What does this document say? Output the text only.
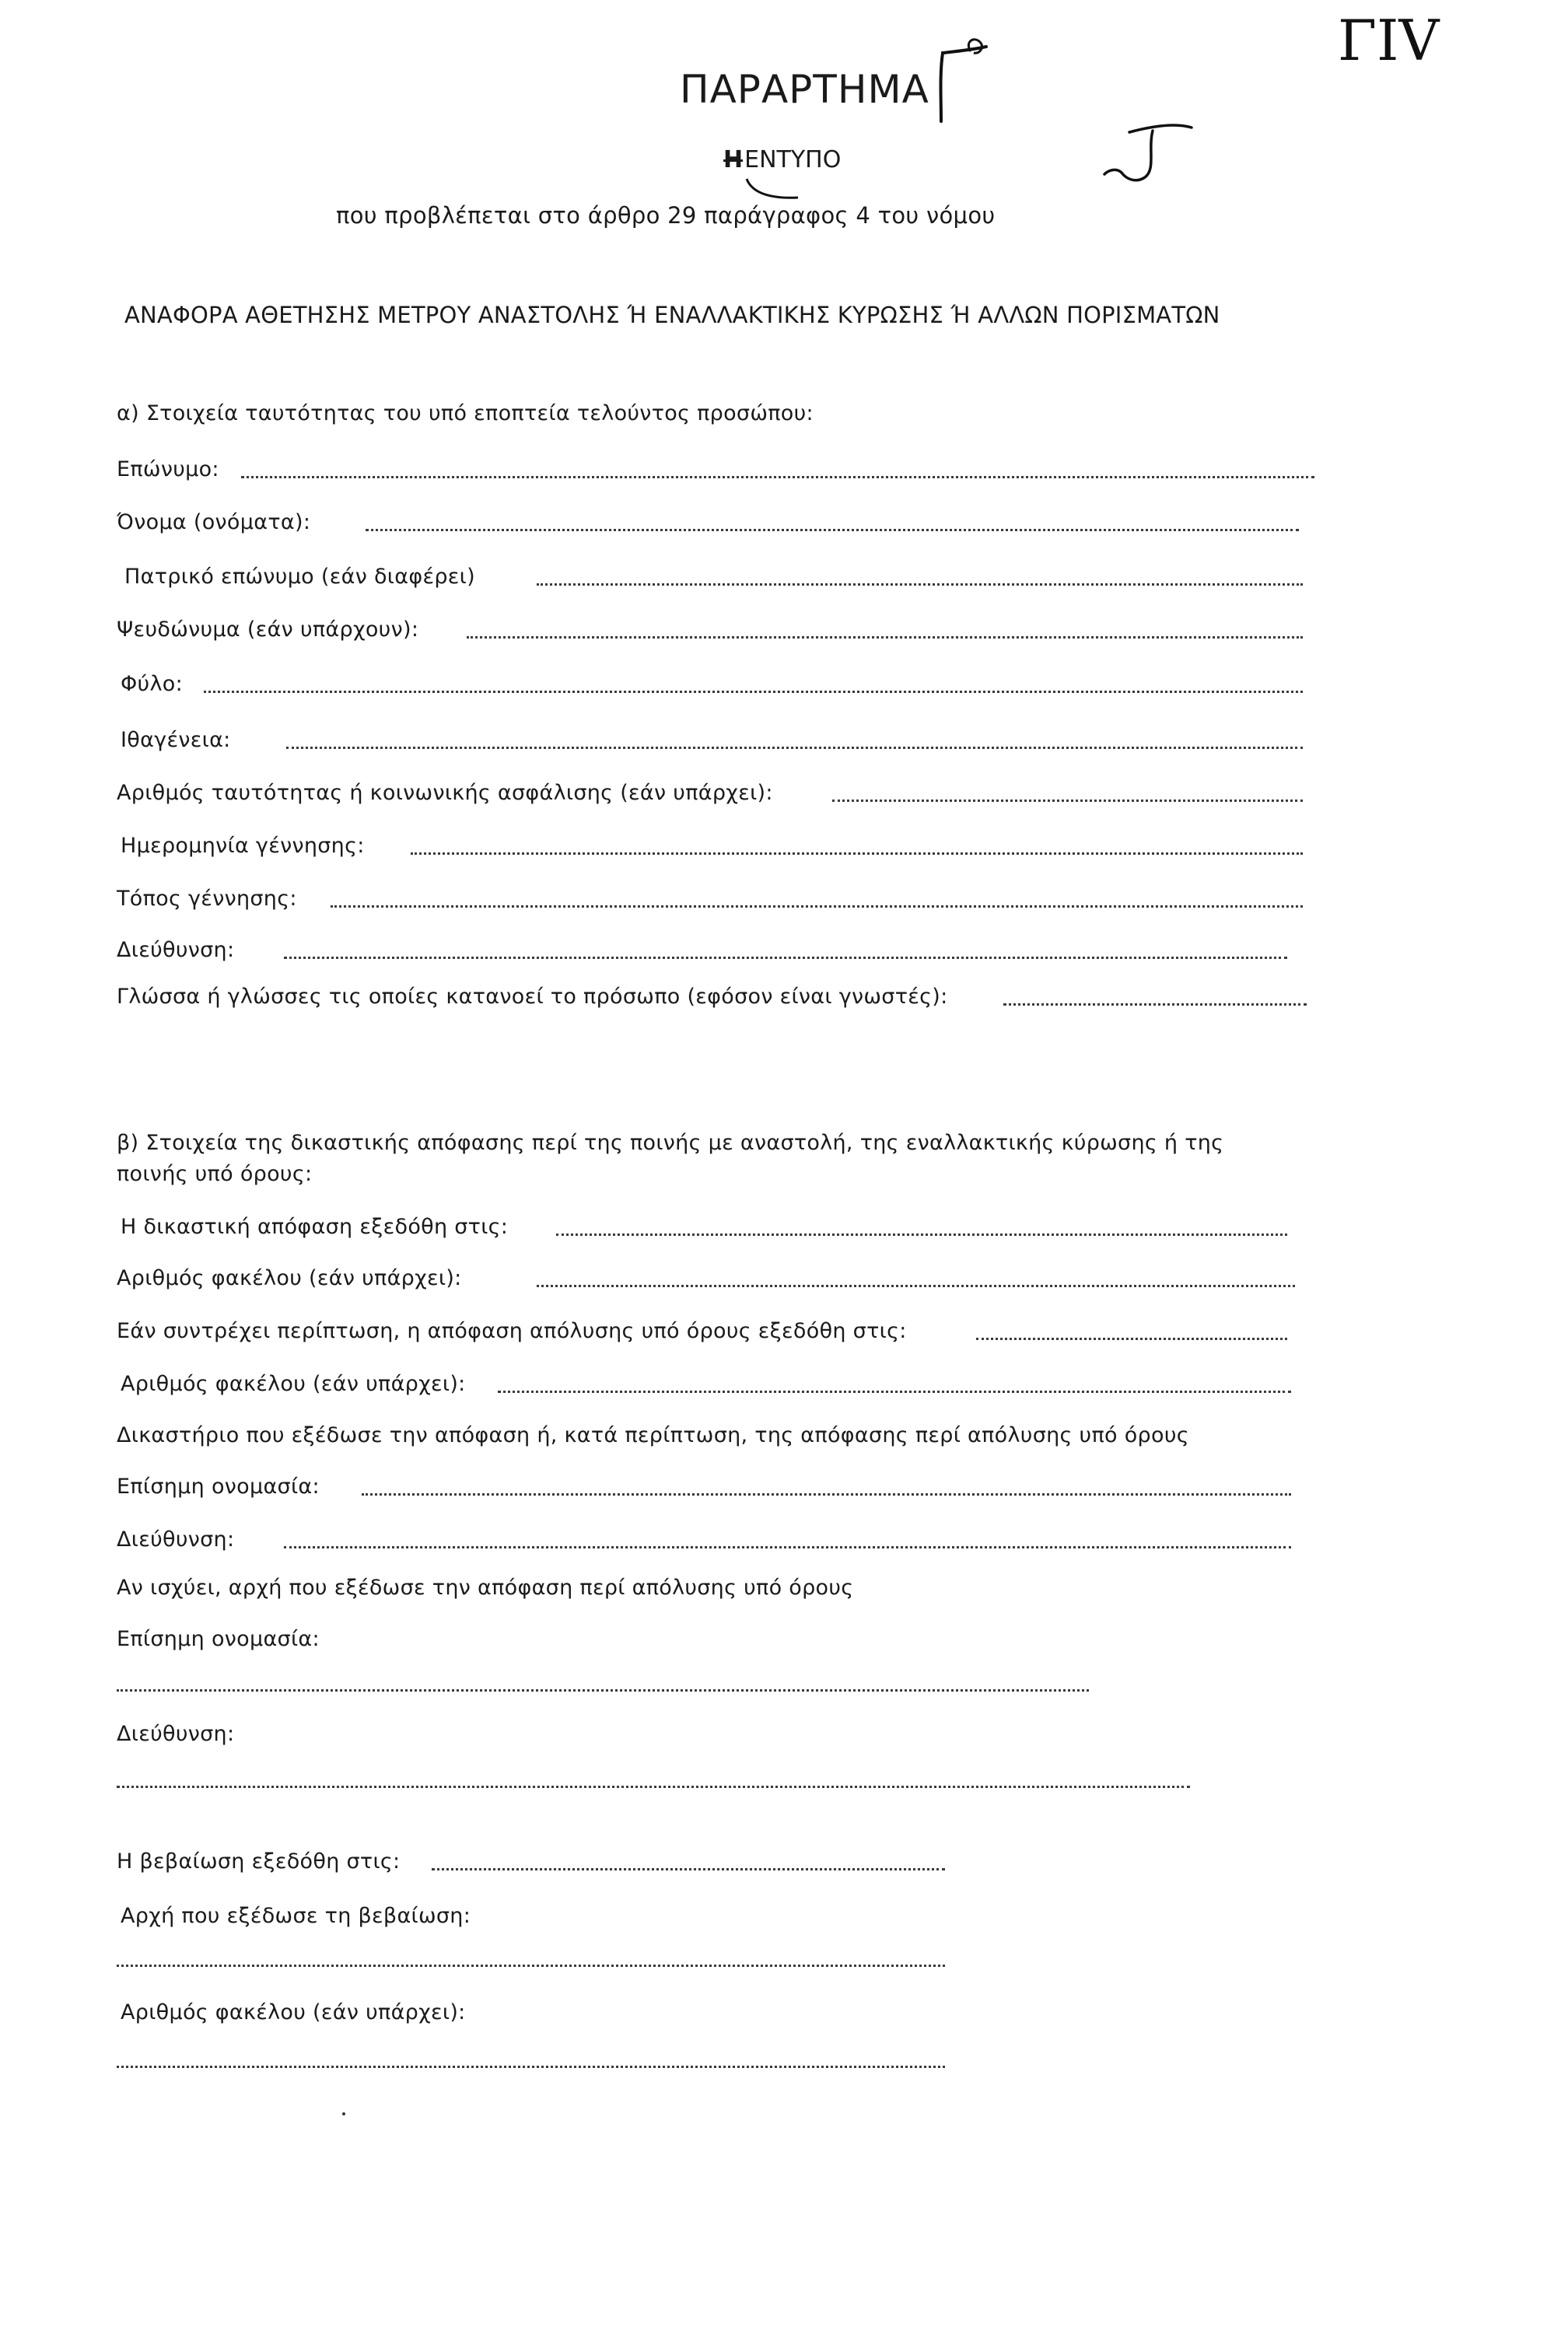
ΠΑΡΑΡΤΗΜΑ
ΓIV
ΗΕΝΤΥΠΟ
που προβλέπεται στο άρθρο 29 παράγραφος 4 του νόμου
ΑΝΑΦΟΡΑ ΑΘΕΤΗΣΗΣ ΜΕΤΡΟΥ ΑΝΑΣΤΟΛΗΣ Ή ΕΝΑΛΛΑΚΤΙΚΗΣ ΚΥΡΩΣΗΣ Ή ΑΛΛΩΝ ΠΟΡΙΣΜΑΤΩΝ
α) Στοιχεία ταυτότητας του υπό εποπτεία τελούντος προσώπου:
Επώνυμο:
Όνομα (ονόματα):
Πατρικό επώνυμο (εάν διαφέρει)
Ψευδώνυμα (εάν υπάρχουν):
Φύλο:
Ιθαγένεια:
Αριθμός ταυτότητας ή κοινωνικής ασφάλισης (εάν υπάρχει):
Ημερομηνία γέννησης:
Τόπος γέννησης:
Διεύθυνση:
Γλώσσα ή γλώσσες τις οποίες κατανοεί το πρόσωπο (εφόσον είναι γνωστές):
β) Στοιχεία της δικαστικής απόφασης περί της ποινής με αναστολή, της εναλλακτικής κύρωσης ή της
ποινής υπό όρους:
Η δικαστική απόφαση εξεδόθη στις:
Αριθμός φακέλου (εάν υπάρχει):
Εάν συντρέχει περίπτωση, η απόφαση απόλυσης υπό όρους εξεδόθη στις:
Αριθμός φακέλου (εάν υπάρχει):
Δικαστήριο που εξέδωσε την απόφαση ή, κατά περίπτωση, της απόφασης περί απόλυσης υπό όρους
Επίσημη ονομασία:
Διεύθυνση:
Αν ισχύει, αρχή που εξέδωσε την απόφαση περί απόλυσης υπό όρους
Επίσημη ονομασία:
Διεύθυνση:
Η βεβαίωση εξεδόθη στις:
Αρχή που εξέδωσε τη βεβαίωση:
Αριθμός φακέλου (εάν υπάρχει):
